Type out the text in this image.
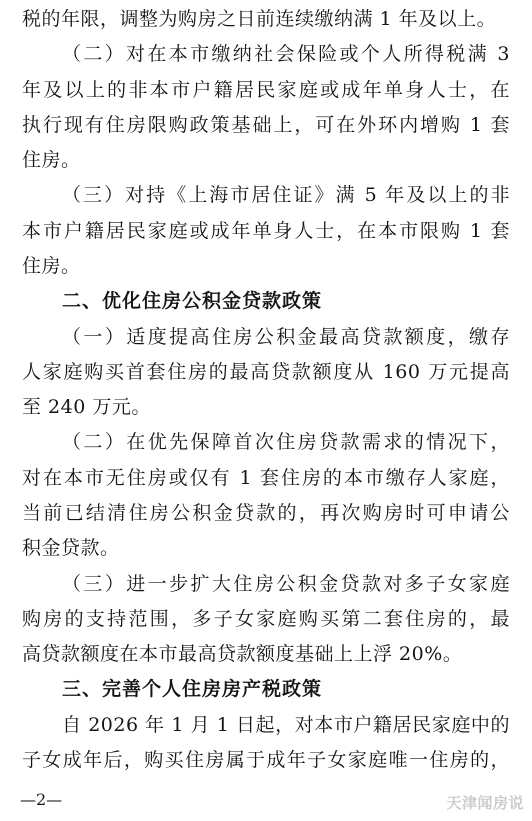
税的年限，调整为购房之日前连续缴纳满 1 年及以上。
（二）对在本市缴纳社会保险或个人所得税满 3
年及以上的非本市户籍居民家庭或成年单身人士，在
执行现有住房限购政策基础上，可在外环内增购 1 套
住房。
（三）对持《上海市居住证》满 5 年及以上的非
本市户籍居民家庭或成年单身人士，在本市限购 1 套
住房。
二、优化住房公积金贷款政策
（一）适度提高住房公积金最高贷款额度，缴存
人家庭购买首套住房的最高贷款额度从 160 万元提高
至 240 万元。
（二）在优先保障首次住房贷款需求的情况下，
对在本市无住房或仅有 1 套住房的本市缴存人家庭，
当前已结清住房公积金贷款的，再次购房时可申请公
积金贷款。
（三）进一步扩大住房公积金贷款对多子女家庭
购房的支持范围，多子女家庭购买第二套住房的，最
高贷款额度在本市最高贷款额度基础上上浮 20%。
三、完善个人住房房产税政策
自 2026 年 1 月 1 日起，对本市户籍居民家庭中的
子女成年后，购买住房属于成年子女家庭唯一住房的，
—2—	天津闻房说
